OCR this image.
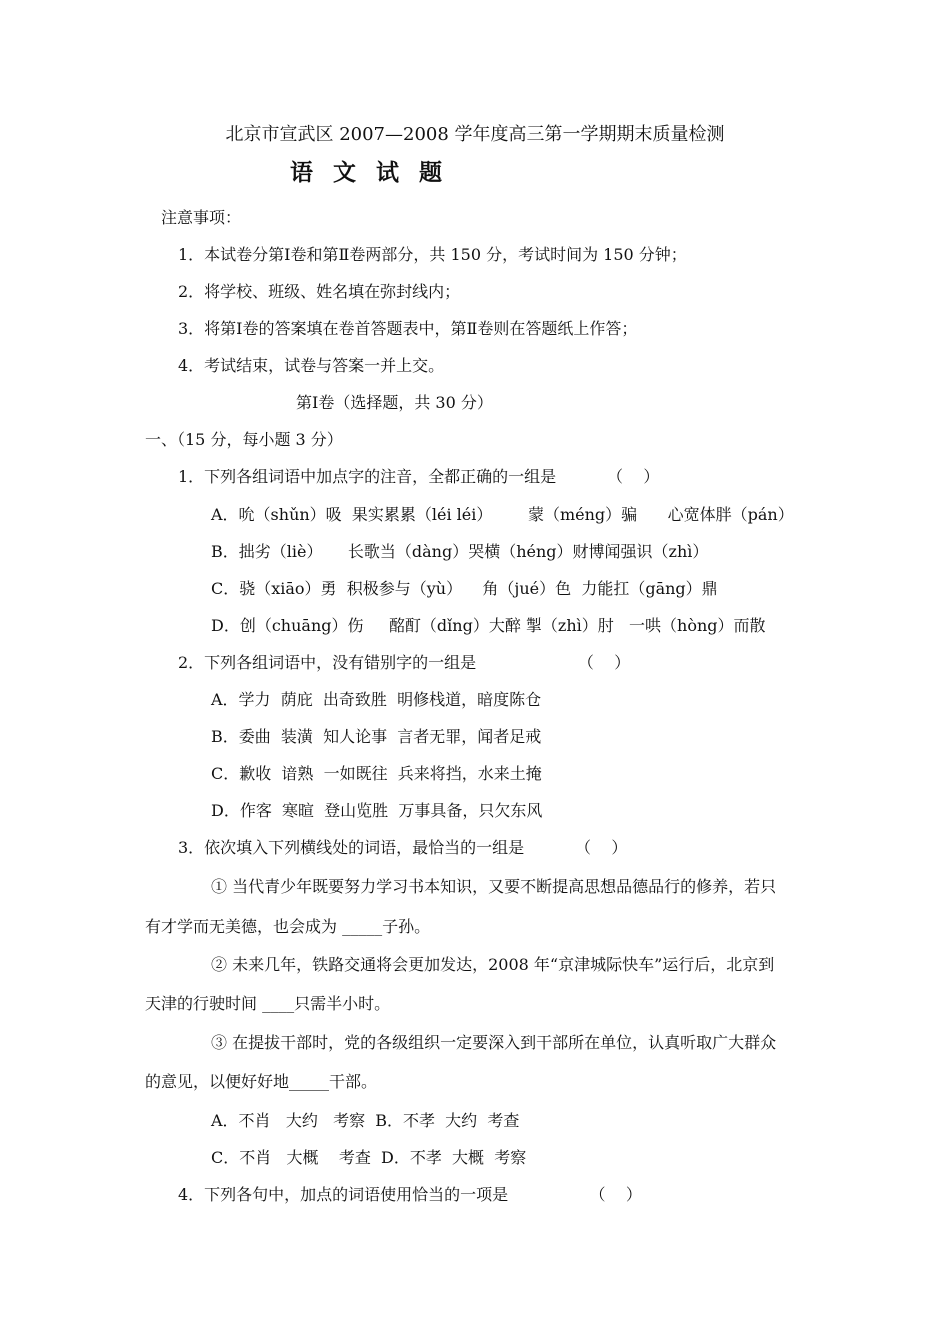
北京市宣武区 2007—2008 学年度高三第一学期期末质量检测
语 文 试 题
注意事项：
1．本试卷分第Ⅰ卷和第Ⅱ卷两部分，共 150 分，考试时间为 150 分钟；
2．将学校、班级、姓名填在弥封线内；
3．将第Ⅰ卷的答案填在卷首答题表中，第Ⅱ卷则在答题纸上作答；
4．考试结束，试卷与答案一并上交。
第Ⅰ卷（选择题，共 30 分）
一、（15 分，每小题 3 分）
1．下列各组词语中加点字的注音，全都正确的一组是          （    ）
A．吮（shǔn）吸  果实累累（léi léi）       蒙（méng）骗      心宽体胖（pán）
B．拙劣（liè）     长歌当（dàng）哭横（héng）财博闻强识（zhì）
C．骁（xiāo）勇  积极参与（yù）    角（jué）色  力能扛（gāng）鼎
D．创（chuāng）伤     酩酊（dǐng）大醉 掣（zhì）肘   一哄（hòng）而散
2．下列各组词语中，没有错别字的一组是                    （    ）
A．学力  荫庇  出奇致胜  明修栈道，暗度陈仓
B．委曲  装潢  知人论事  言者无罪，闻者足戒
C．歉收  谙熟  一如既往  兵来将挡，水来土掩
D．作客  寒暄  登山览胜  万事具备，只欠东风
3．依次填入下列横线处的词语，最恰当的一组是          （    ）
① 当代青少年既要努力学习书本知识，又要不断提高思想品德品行的修养，若只
有才学而无美德，也会成为 _____子孙。
② 未来几年，铁路交通将会更加发达，2008 年“京津城际快车”运行后，北京到
天津的行驶时间 ____只需半小时。
③ 在提拔干部时，党的各级组织一定要深入到干部所在单位，认真听取广大群众
的意见，以便好好地_____干部。
A．不肖   大约   考察  B．不孝  大约  考查
C．不肖   大概    考查  D．不孝  大概  考察
4．下列各句中，加点的词语使用恰当的一项是                （    ）
